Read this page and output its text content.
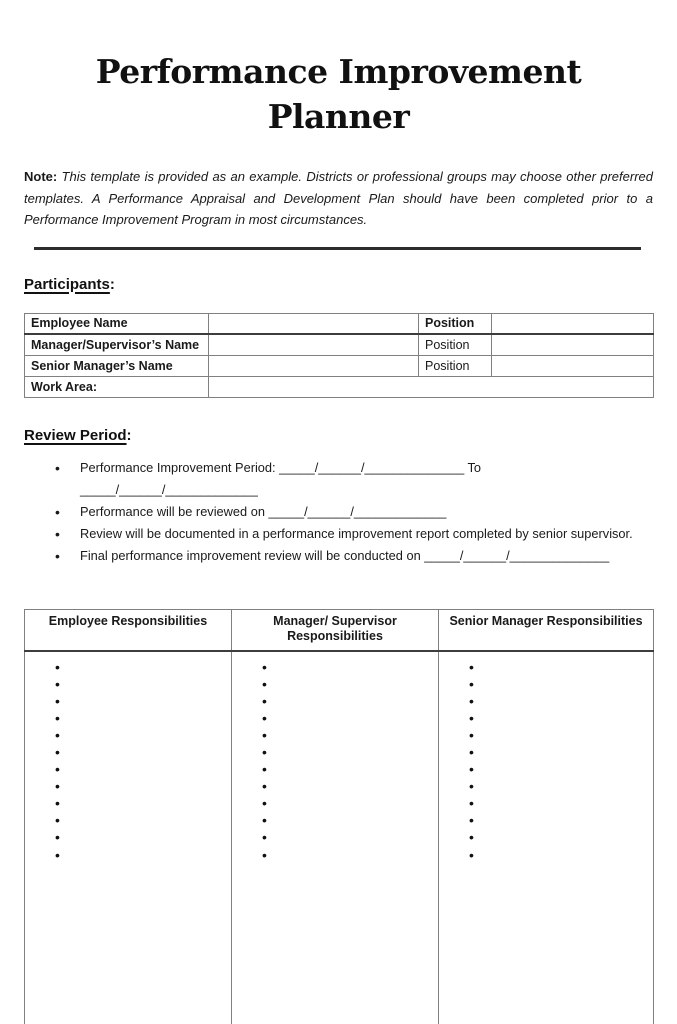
Performance Improvement Planner

Note: This template is provided as an example. Districts or professional groups may choose other preferred templates. A Performance Appraisal and Development Plan should have been completed prior to a Performance Improvement Program in most circumstances.

Participants:
Employee Name		Position	
Manager/Supervisor’s Name		Position	
Senior Manager’s Name		Position	
Work Area:			
Review Period:
• Performance Improvement Period: _____/______/______________ To _____/______/_____________
• Performance will be reviewed on _____/______/_____________
• Review will be documented in a performance improvement report completed by senior supervisor.
• Final performance improvement review will be conducted on _____/______/______________
Employee Responsibilities	Manager/ Supervisor Responsibilities	Senior Manager Responsibilities

•
•
•
•
•
•
•
•
•
•
•
•

•
•
•
•
•
•
•
•
•
•
•
•

•
•
•
•
•
•
•
•
•
•
•
•
